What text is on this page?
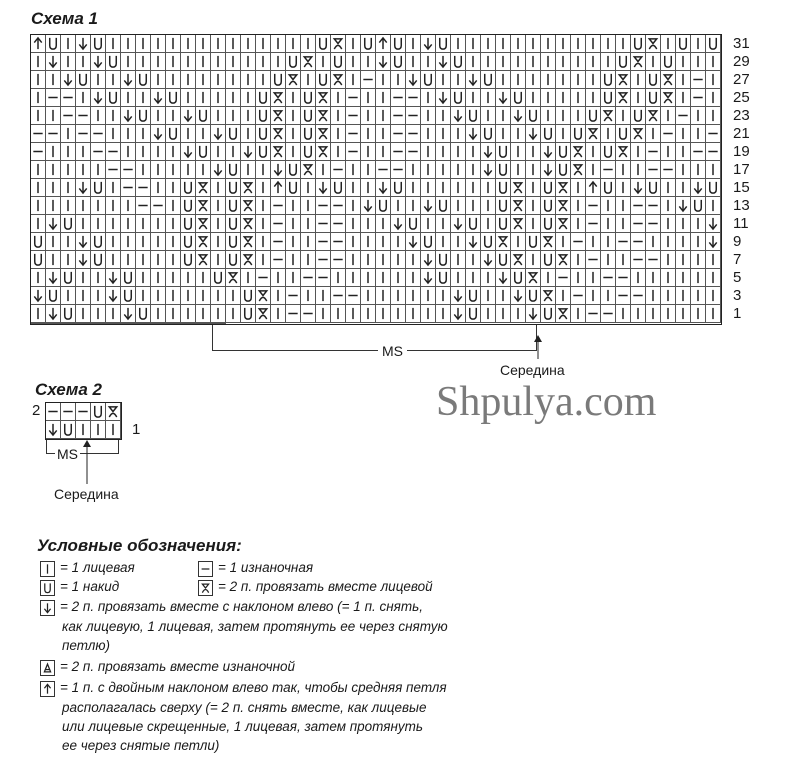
Схема 1
31
29
27
25
23
21
19
17
15
13
11
9
7
5
3
1
MS
Середина
Shpulya.com
Схема 2
2
1
MS
Середина
Условные обозначения:
= 1 лицевая	= 1 изнаночная
= 1 накид	= 2 п. провязать вместе лицевой
= 2 п. провязать вместе с наклоном влево (= 1 п. снять,
как лицевую, 1 лицевая, затем протянуть ее через снятую
петлю)
= 2 п. провязать вместе изнаночной
= 1 п. с двойным наклоном влево так, чтобы средняя петля
располагалась сверху (= 2 п. снять вместе, как лицевые
или лицевые скрещенные, 1 лицевая, затем протянуть
ее через снятые петли)
